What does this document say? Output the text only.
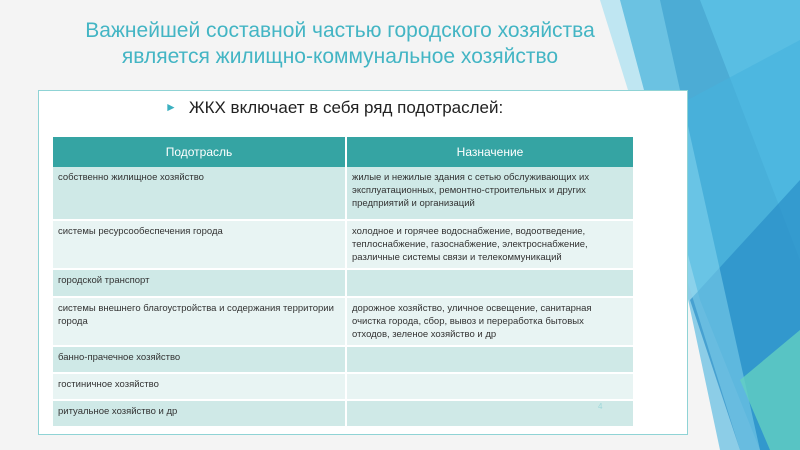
Важнейшей составной частью городского хозяйства
является жилищно-коммунальное хозяйство
► ЖКХ включает в себя ряд подотраслей:
Подотрасль	Назначение
собственно жилищное хозяйство	жилые и нежилые здания с сетью обслуживающих их
эксплуатационных, ремонтно-строительных и других
предприятий и организаций

системы ресурсообеспечения города	холодное и горячее водоснабжение, водоотведение,
теплоснабжение, газоснабжение, электроснабжение,
различные системы связи и телекоммуникаций

городской транспорт	
системы внешнего благоустройства и содержания территории города	дорожное хозяйство, уличное освещение, санитарная
очистка города, сбор, вывоз и переработка бытовых
отходов, зеленое хозяйство и др

банно-прачечное хозяйство	
гостиничное хозяйство	
ритуальное хозяйство и др		4
